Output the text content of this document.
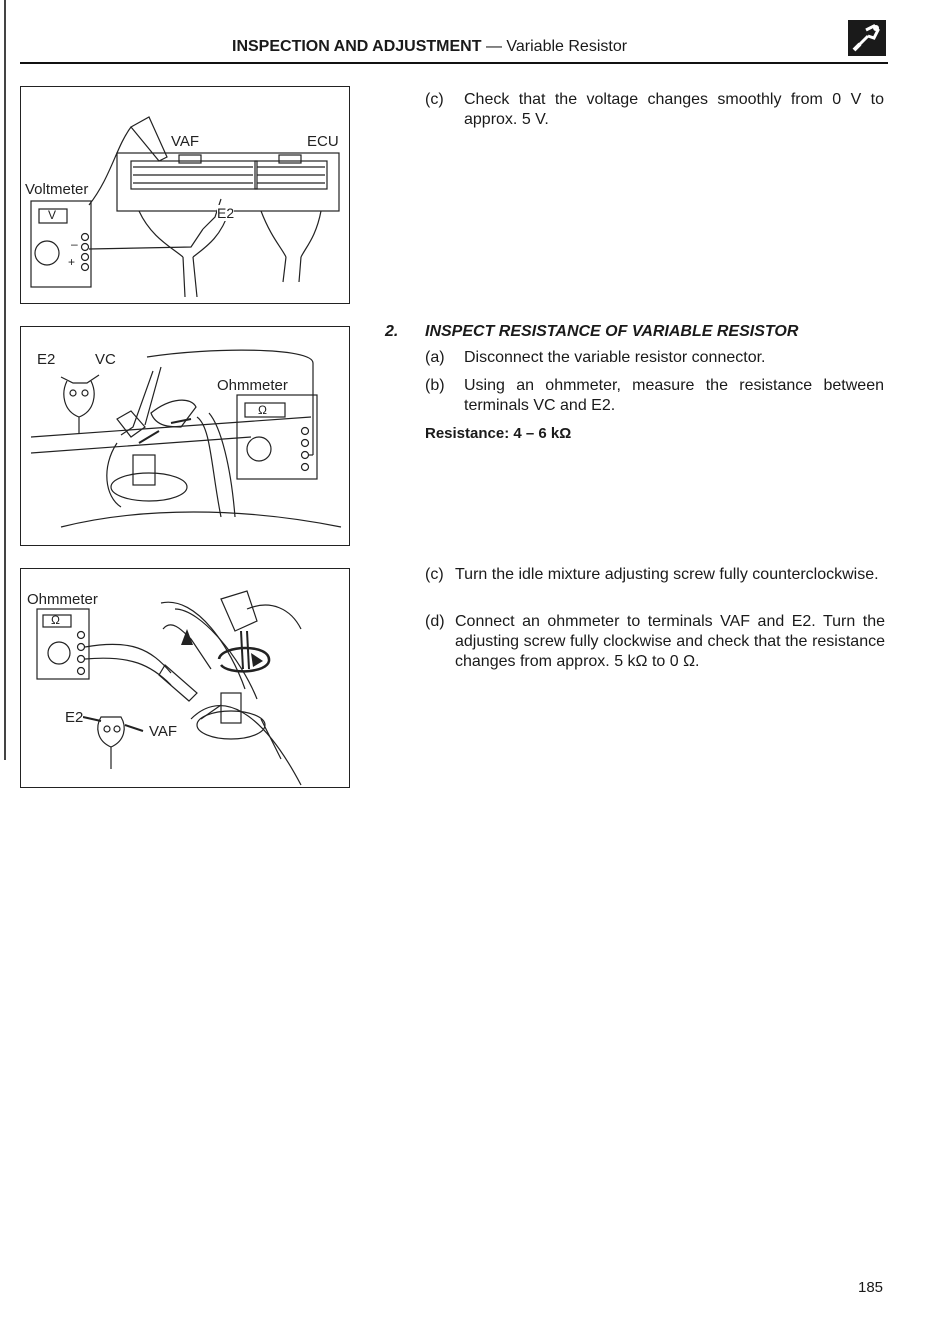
INSPECTION AND ADJUSTMENT — Variable Resistor
VAF	ECU
Voltmeter
V	E2
+
–
E2	VC
Ohmmeter
Ω
Ohmmeter
Ω
E2
VAF
(c) Check that the voltage changes smoothly from 0 V to approx. 5 V.
2. INSPECT RESISTANCE OF VARIABLE RESISTOR
(a) Disconnect the variable resistor connector.
(b) Using an ohmmeter, measure the resistance between terminals VC and E2.
Resistance: 4 – 6 kΩ
(c) Turn the idle mixture adjusting screw fully counterclockwise.
(d) Connect an ohmmeter to terminals VAF and E2. Turn the adjusting screw fully clockwise and check that the resistance changes from approx. 5 kΩ to 0 Ω.
185
